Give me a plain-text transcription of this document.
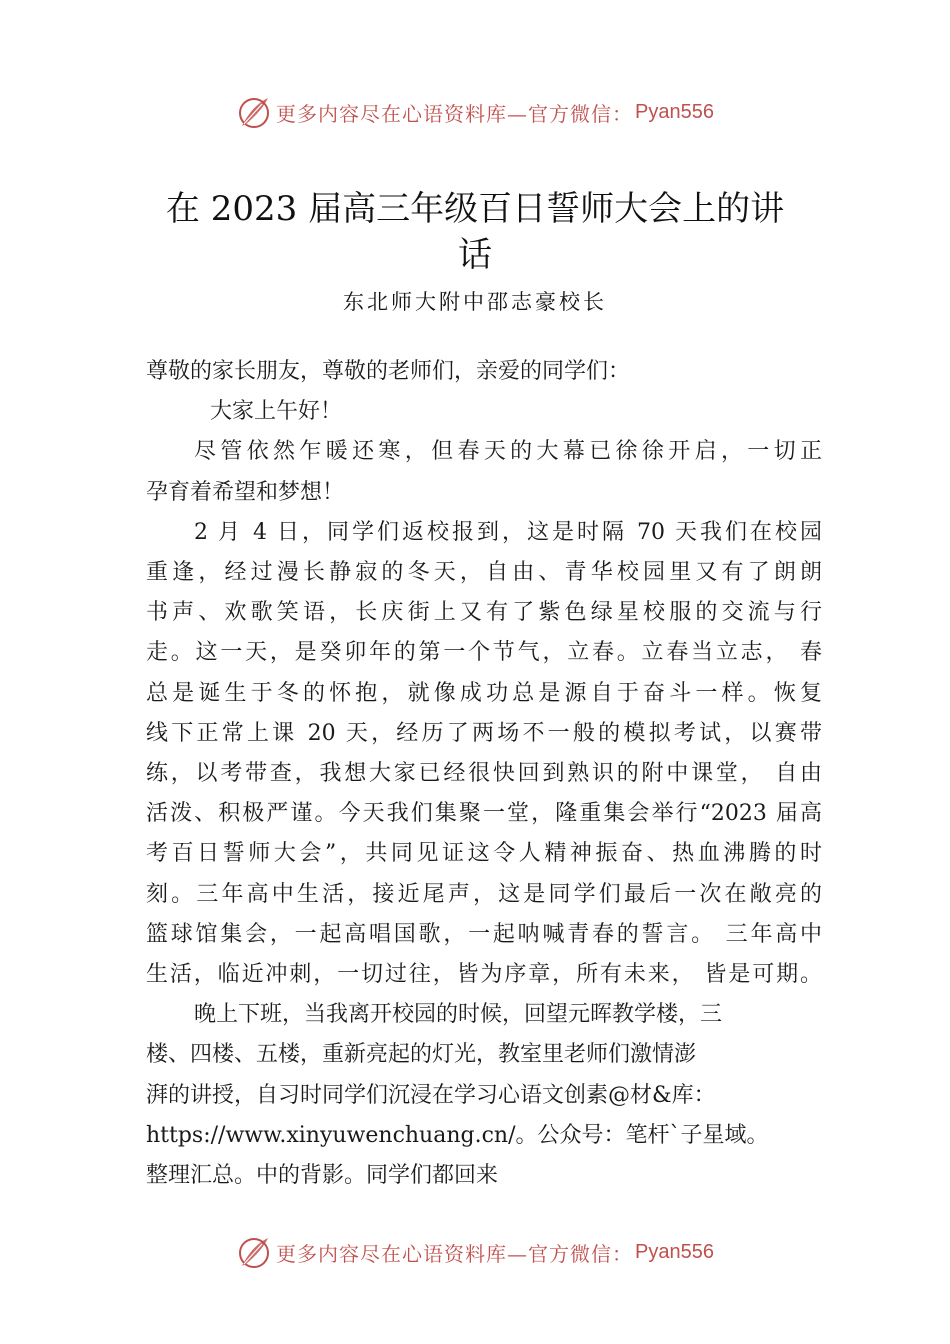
更多内容尽在心语资料库—官方微信： Pyan556
在 2023 届高三年级百日誓师大会上的讲
话
东北师大附中邵志豪校长
尊敬的家长朋友，尊敬的老师们，亲爱的同学们：
大家上午好！
尽管依然乍暖还寒，但春天的大幕已徐徐开启，一切正
孕育着希望和梦想！
2 月 4 日，同学们返校报到，这是时隔 70 天我们在校园
重逢，经过漫长静寂的冬天，自由、青华校园里又有了朗朗
书声、欢歌笑语，长庆街上又有了紫色绿星校服的交流与行
走。这一天，是癸卯年的第一个节气，立春。立春当立志， 春
总是诞生于冬的怀抱，就像成功总是源自于奋斗一样。恢复
线下正常上课 20 天，经历了两场不一般的模拟考试，以赛带
练，以考带查，我想大家已经很快回到熟识的附中课堂， 自由
活泼、积极严谨。今天我们集聚一堂，隆重集会举行“2023 届高
考百日誓师大会”，共同见证这令人精神振奋、热血沸腾的时
刻。三年高中生活，接近尾声，这是同学们最后一次在敞亮的
篮球馆集会，一起高唱国歌，一起呐喊青春的誓言。 三年高中
生活，临近冲刺，一切过往，皆为序章，所有未来， 皆是可期。
晚上下班，当我离开校园的时候，回望元晖教学楼，三
楼、四楼、五楼，重新亮起的灯光，教室里老师们激情澎
湃的讲授，自习时同学们沉浸在学习心语文创素@材&库：
https://www.xinyuwenchuang.cn/。公众号：笔杆`子星域。
整理汇总。中的背影。同学们都回来
更多内容尽在心语资料库—官方微信： Pyan556
